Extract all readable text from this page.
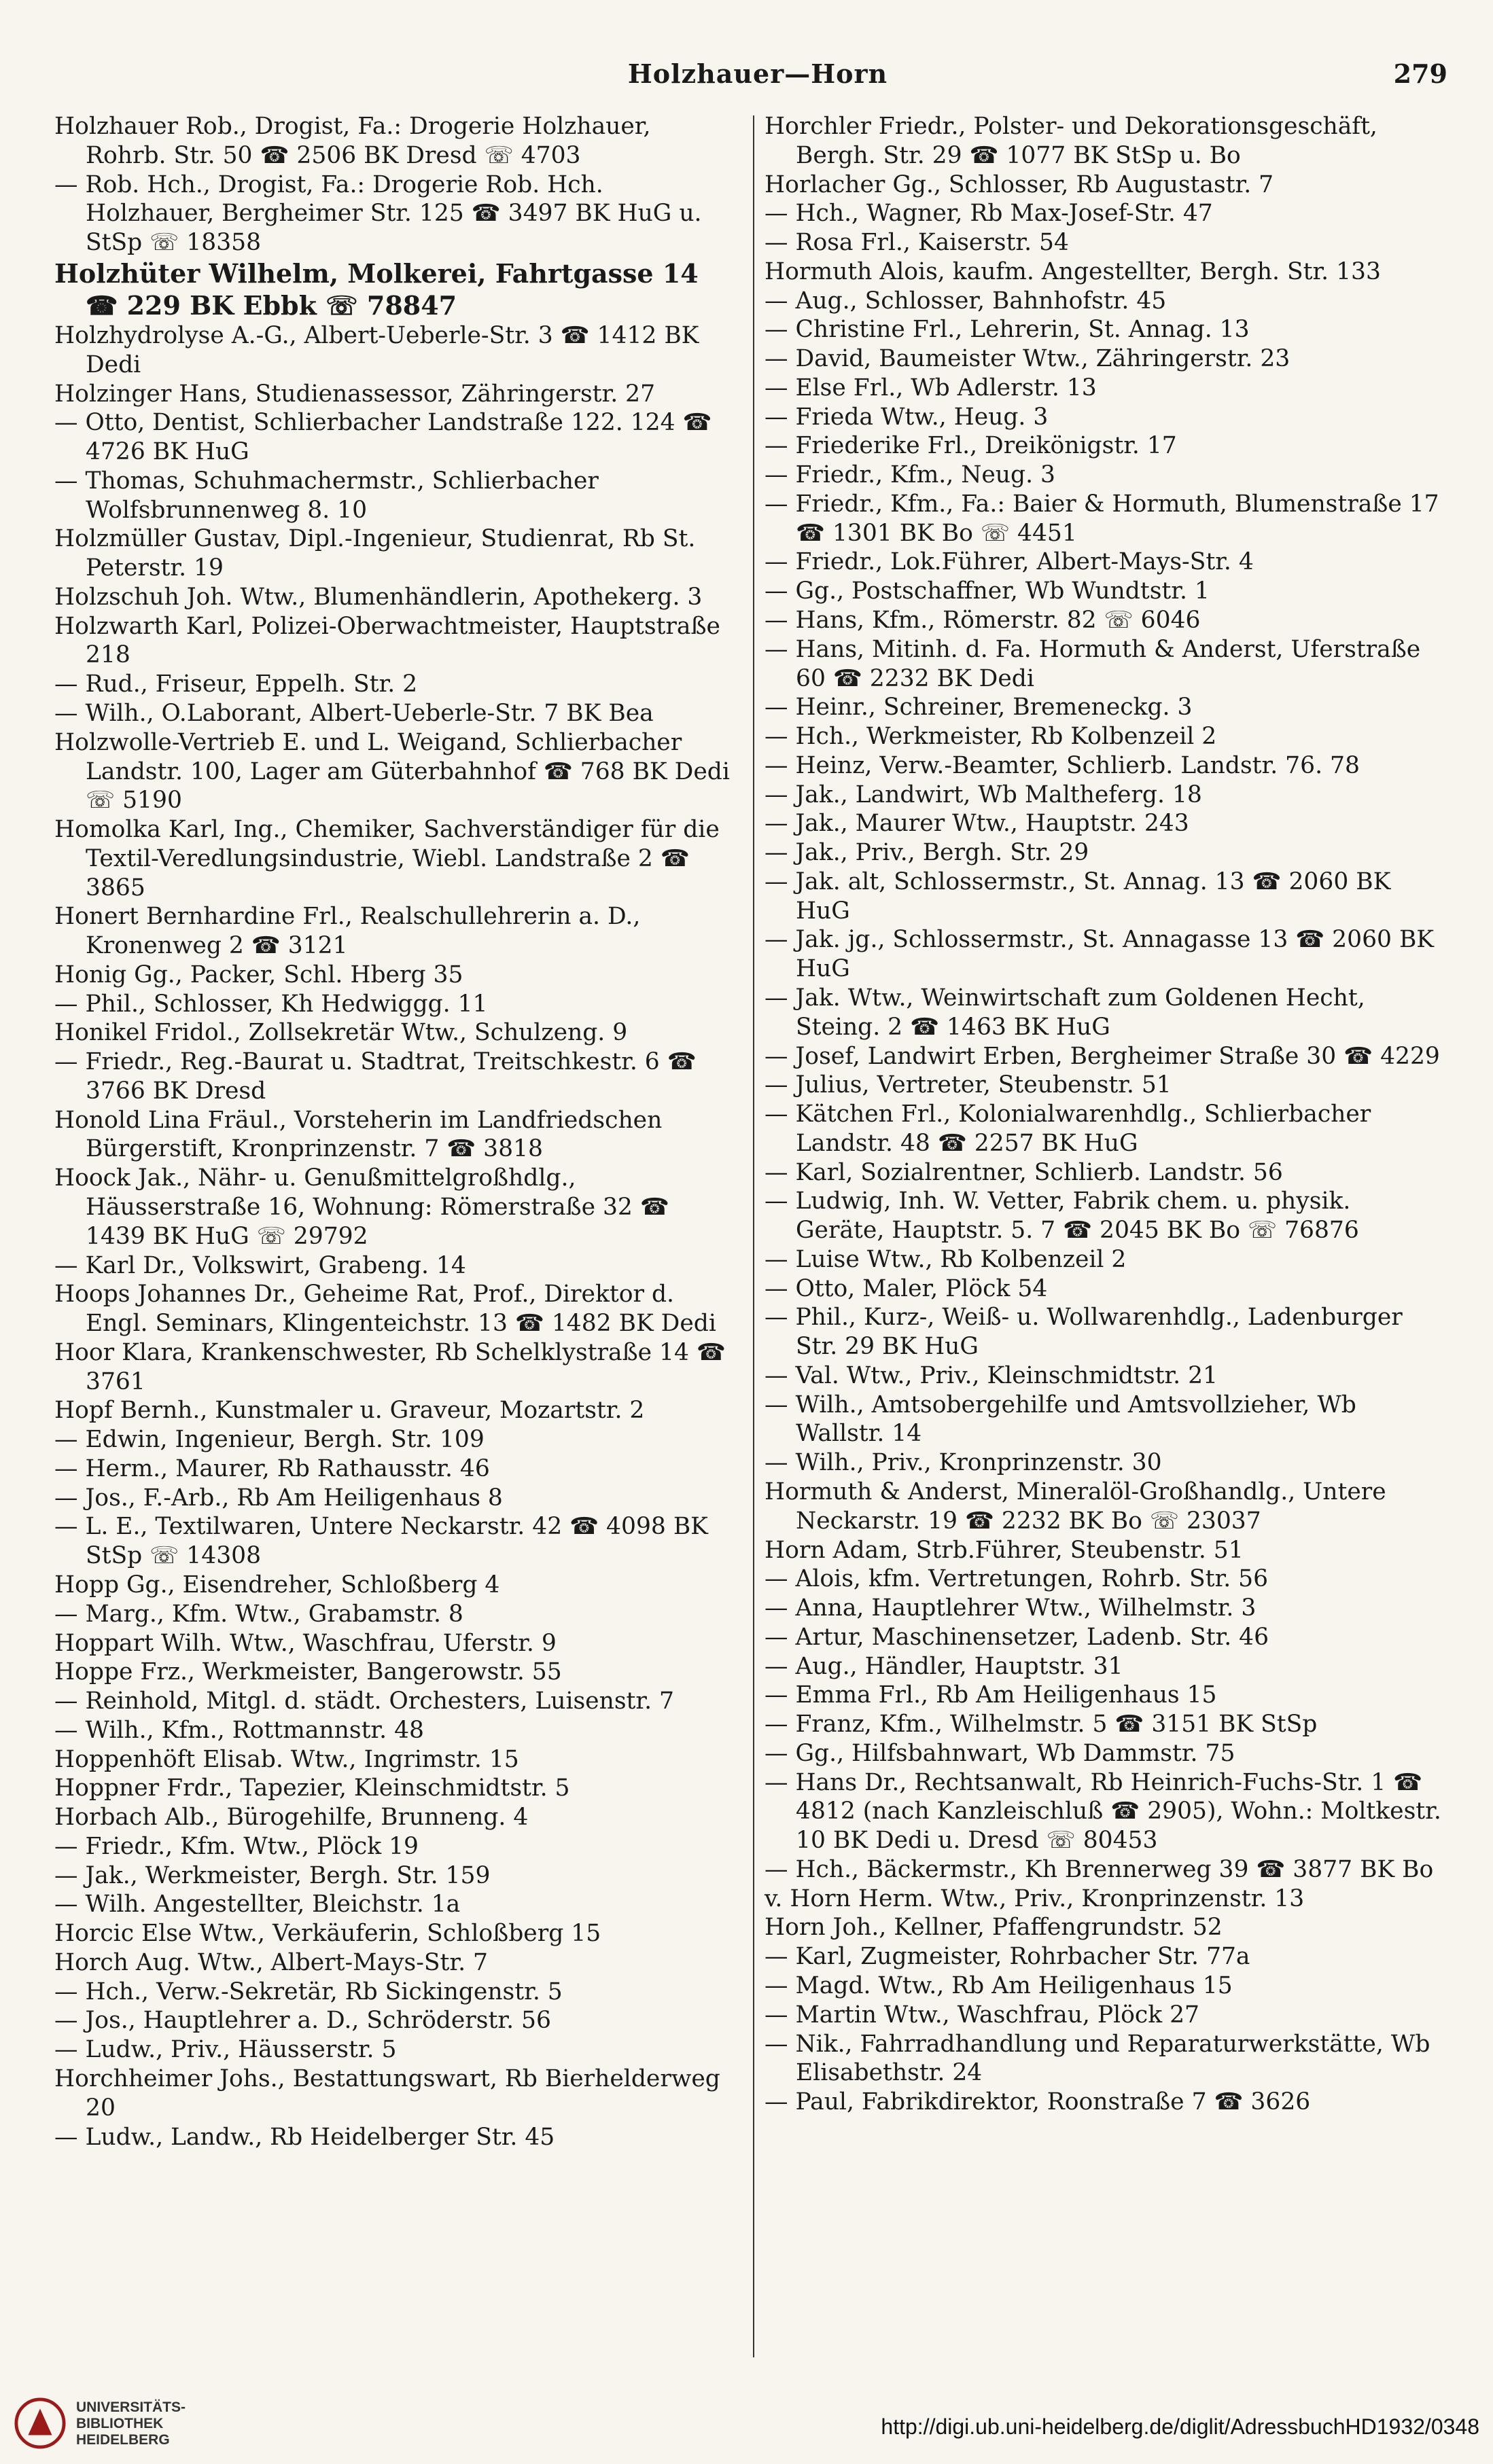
Holzhauer—Horn	279

Holzhauer Rob., Drogist, Fa.: Drogerie Holzhauer, Rohrb. Str. 50 ☎ 2506 BK Dresd ☏ 4703

— Rob. Hch., Drogist, Fa.: Drogerie Rob. Hch. Holzhauer, Bergheimer Str. 125 ☎ 3497 BK HuG u. StSp ☏ 18358

Holzhüter Wilhelm, Molkerei, Fahrtgasse 14 ☎ 229 BK Ebbk ☏ 78847

Holzhydrolyse A.-G., Albert-Ueberle-Str. 3 ☎ 1412 BK Dedi

Holzinger Hans, Studienassessor, Zähringerstr. 27

— Otto, Dentist, Schlierbacher Landstraße 122. 124 ☎ 4726 BK HuG

— Thomas, Schuhmachermstr., Schlierbacher Wolfsbrunnenweg 8. 10

Holzmüller Gustav, Dipl.-Ingenieur, Studienrat, Rb St. Peterstr. 19

Holzschuh Joh. Wtw., Blumenhändlerin, Apothekerg. 3

Holzwarth Karl, Polizei-Oberwachtmeister, Hauptstraße 218

— Rud., Friseur, Eppelh. Str. 2

— Wilh., O.Laborant, Albert-Ueberle-Str. 7 BK Bea

Holzwolle-Vertrieb E. und L. Weigand, Schlierbacher Landstr. 100, Lager am Güterbahnhof ☎ 768 BK Dedi ☏ 5190

Homolka Karl, Ing., Chemiker, Sachverständiger für die Textil-Veredlungsindustrie, Wiebl. Landstraße 2 ☎ 3865

Honert Bernhardine Frl., Realschullehrerin a. D., Kronenweg 2 ☎ 3121

Honig Gg., Packer, Schl. Hberg 35

— Phil., Schlosser, Kh Hedwiggg. 11

Honikel Fridol., Zollsekretär Wtw., Schulzeng. 9

— Friedr., Reg.-Baurat u. Stadtrat, Treitschkestr. 6 ☎ 3766 BK Dresd

Honold Lina Fräul., Vorsteherin im Landfriedschen Bürgerstift, Kronprinzenstr. 7 ☎ 3818

Hoock Jak., Nähr- u. Genußmittelgroßhdlg., Häusserstraße 16, Wohnung: Römerstraße 32 ☎ 1439 BK HuG ☏ 29792

— Karl Dr., Volkswirt, Grabeng. 14

Hoops Johannes Dr., Geheime Rat, Prof., Direktor d. Engl. Seminars, Klingenteichstr. 13 ☎ 1482 BK Dedi

Hoor Klara, Krankenschwester, Rb Schelklystraße 14 ☎ 3761

Hopf Bernh., Kunstmaler u. Graveur, Mozartstr. 2

— Edwin, Ingenieur, Bergh. Str. 109

— Herm., Maurer, Rb Rathausstr. 46

— Jos., F.-Arb., Rb Am Heiligenhaus 8

— L. E., Textilwaren, Untere Neckarstr. 42 ☎ 4098 BK StSp ☏ 14308

Hopp Gg., Eisendreher, Schloßberg 4

— Marg., Kfm. Wtw., Grabamstr. 8

Hoppart Wilh. Wtw., Waschfrau, Uferstr. 9

Hoppe Frz., Werkmeister, Bangerowstr. 55

— Reinhold, Mitgl. d. städt. Orchesters, Luisenstr. 7

— Wilh., Kfm., Rottmannstr. 48

Hoppenhöft Elisab. Wtw., Ingrimstr. 15

Hoppner Frdr., Tapezier, Kleinschmidtstr. 5

Horbach Alb., Bürogehilfe, Brunneng. 4

— Friedr., Kfm. Wtw., Plöck 19

— Jak., Werkmeister, Bergh. Str. 159

— Wilh. Angestellter, Bleichstr. 1a

Horcic Else Wtw., Verkäuferin, Schloßberg 15

Horch Aug. Wtw., Albert-Mays-Str. 7

— Hch., Verw.-Sekretär, Rb Sickingenstr. 5

— Jos., Hauptlehrer a. D., Schröderstr. 56

— Ludw., Priv., Häusserstr. 5

Horchheimer Johs., Bestattungswart, Rb Bierhelderweg 20

— Ludw., Landw., Rb Heidelberger Str. 45

Horchler Friedr., Polster- und Dekorationsgeschäft, Bergh. Str. 29 ☎ 1077 BK StSp u. Bo

Horlacher Gg., Schlosser, Rb Augustastr. 7

— Hch., Wagner, Rb Max-Josef-Str. 47

— Rosa Frl., Kaiserstr. 54

Hormuth Alois, kaufm. Angestellter, Bergh. Str. 133

— Aug., Schlosser, Bahnhofstr. 45

— Christine Frl., Lehrerin, St. Annag. 13

— David, Baumeister Wtw., Zähringerstr. 23

— Else Frl., Wb Adlerstr. 13

— Frieda Wtw., Heug. 3

— Friederike Frl., Dreikönigstr. 17

— Friedr., Kfm., Neug. 3

— Friedr., Kfm., Fa.: Baier & Hormuth, Blumenstraße 17 ☎ 1301 BK Bo ☏ 4451

— Friedr., Lok.Führer, Albert-Mays-Str. 4

— Gg., Postschaffner, Wb Wundtstr. 1

— Hans, Kfm., Römerstr. 82 ☏ 6046

— Hans, Mitinh. d. Fa. Hormuth & Anderst, Uferstraße 60 ☎ 2232 BK Dedi

— Heinr., Schreiner, Bremeneckg. 3

— Hch., Werkmeister, Rb Kolbenzeil 2

— Heinz, Verw.-Beamter, Schlierb. Landstr. 76. 78

— Jak., Landwirt, Wb Maltheferg. 18

— Jak., Maurer Wtw., Hauptstr. 243

— Jak., Priv., Bergh. Str. 29

— Jak. alt, Schlossermstr., St. Annag. 13 ☎ 2060 BK HuG

— Jak. jg., Schlossermstr., St. Annagasse 13 ☎ 2060 BK HuG

— Jak. Wtw., Weinwirtschaft zum Goldenen Hecht, Steing. 2 ☎ 1463 BK HuG

— Josef, Landwirt Erben, Bergheimer Straße 30 ☎ 4229

— Julius, Vertreter, Steubenstr. 51

— Kätchen Frl., Kolonialwarenhdlg., Schlierbacher Landstr. 48 ☎ 2257 BK HuG

— Karl, Sozialrentner, Schlierb. Landstr. 56

— Ludwig, Inh. W. Vetter, Fabrik chem. u. physik. Geräte, Hauptstr. 5. 7 ☎ 2045 BK Bo ☏ 76876

— Luise Wtw., Rb Kolbenzeil 2

— Otto, Maler, Plöck 54

— Phil., Kurz-, Weiß- u. Wollwarenhdlg., Ladenburger Str. 29 BK HuG

— Val. Wtw., Priv., Kleinschmidtstr. 21

— Wilh., Amtsobergehilfe und Amtsvollzieher, Wb Wallstr. 14

— Wilh., Priv., Kronprinzenstr. 30

Hormuth & Anderst, Mineralöl-Großhandlg., Untere Neckarstr. 19 ☎ 2232 BK Bo ☏ 23037

Horn Adam, Strb.Führer, Steubenstr. 51

— Alois, kfm. Vertretungen, Rohrb. Str. 56

— Anna, Hauptlehrer Wtw., Wilhelmstr. 3

— Artur, Maschinensetzer, Ladenb. Str. 46

— Aug., Händler, Hauptstr. 31

— Emma Frl., Rb Am Heiligenhaus 15

— Franz, Kfm., Wilhelmstr. 5 ☎ 3151 BK StSp

— Gg., Hilfsbahnwart, Wb Dammstr. 75

— Hans Dr., Rechtsanwalt, Rb Heinrich-Fuchs-Str. 1 ☎ 4812 (nach Kanzleischluß ☎ 2905), Wohn.: Moltkestr. 10 BK Dedi u. Dresd ☏ 80453

— Hch., Bäckermstr., Kh Brennerweg 39 ☎ 3877 BK Bo

v. Horn Herm. Wtw., Priv., Kronprinzenstr. 13

Horn Joh., Kellner, Pfaffengrundstr. 52

— Karl, Zugmeister, Rohrbacher Str. 77a

— Magd. Wtw., Rb Am Heiligenhaus 15

— Martin Wtw., Waschfrau, Plöck 27

— Nik., Fahrradhandlung und Reparaturwerkstätte, Wb Elisabethstr. 24

— Paul, Fabrikdirektor, Roonstraße 7 ☎ 3626

UNIVERSITÄTS-BIBLIOTHEK HEIDELBERG
http://digi.ub.uni-heidelberg.de/diglit/AdressbuchHD1932/0348
